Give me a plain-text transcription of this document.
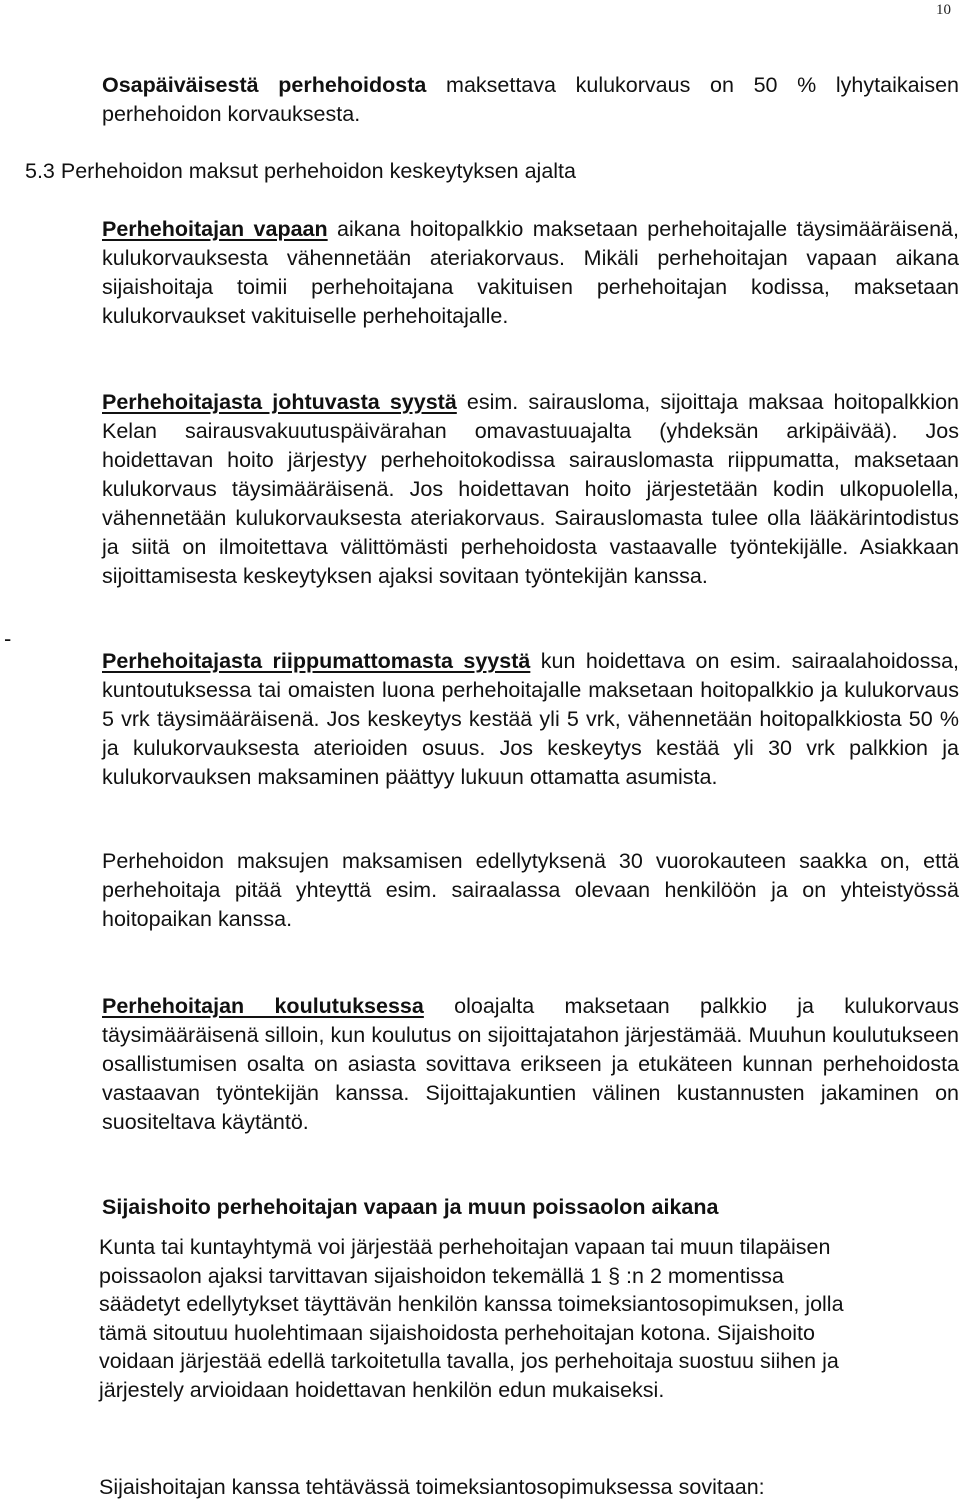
10

Osapäiväisestä perhehoidosta maksettava kulukorvaus on 50 % lyhytaikaisen perhehoidon korvauksesta.

5.3 Perhehoidon maksut perhehoidon keskeytyksen ajalta

Perhehoitajan vapaan aikana hoitopalkkio maksetaan perhehoitajalle täysimääräisenä, kulukorvauksesta vähennetään ateriakorvaus. Mikäli perhehoitajan vapaan aikana sijaishoitaja toimii perhehoitajana vakituisen perhehoitajan kodissa, maksetaan kulukorvaukset vakituiselle perhehoitajalle.

Perhehoitajasta johtuvasta syystä esim. sairausloma, sijoittaja maksaa hoitopalkkion Kelan sairausvakuutuspäivärahan omavastuuajalta (yhdeksän arkipäivää). Jos hoidettavan hoito järjestyy perhehoitokodissa sairauslomasta riippumatta, maksetaan kulukorvaus täysimääräisenä. Jos hoidettavan hoito järjestetään kodin ulkopuolella, vähennetään kulukorvauksesta ateriakorvaus. Sairauslomasta tulee olla lääkärintodistus ja siitä on ilmoitettava välittömästi perhehoidosta vastaavalle työntekijälle. Asiakkaan sijoittamisesta keskeytyksen ajaksi sovitaan työntekijän kanssa.

-

Perhehoitajasta riippumattomasta syystä kun hoidettava on esim. sairaalahoidossa, kuntoutuksessa tai omaisten luona perhehoitajalle maksetaan hoitopalkkio ja kulukorvaus 5 vrk täysimääräisenä. Jos keskeytys kestää yli 5 vrk, vähennetään hoitopalkkiosta 50 % ja kulukorvauksesta aterioiden osuus. Jos keskeytys kestää yli 30 vrk palkkion ja kulukorvauksen maksaminen päättyy lukuun ottamatta asumista.

Perhehoidon maksujen maksamisen edellytyksenä 30 vuorokauteen saakka on, että perhehoitaja pitää yhteyttä esim. sairaalassa olevaan henkilöön ja on yhteistyössä hoitopaikan kanssa.

Perhehoitajan koulutuksessa oloajalta maksetaan palkkio ja kulukorvaus täysimääräisenä silloin, kun koulutus on sijoittajatahon järjestämää. Muuhun koulutukseen osallistumisen osalta on asiasta sovittava erikseen ja etukäteen kunnan perhehoidosta vastaavan työntekijän kanssa. Sijoittajakuntien välinen kustannusten jakaminen on suositeltava käytäntö.

Sijaishoito perhehoitajan vapaan ja muun poissaolon aikana

Kunta tai kuntayhtymä voi järjestää perhehoitajan vapaan tai muun tilapäisen
poissaolon ajaksi tarvittavan sijaishoidon tekemällä 1 § :n 2 momentissa
säädetyt edellytykset täyttävän henkilön kanssa toimeksiantosopimuksen, jolla
tämä sitoutuu huolehtimaan sijaishoidosta perhehoitajan kotona. Sijaishoito
voidaan järjestää edellä tarkoitetulla tavalla, jos perhehoitaja suostuu siihen ja
järjestely arvioidaan hoidettavan henkilön edun mukaiseksi.

Sijaishoitajan kanssa tehtävässä toimeksiantosopimuksessa sovitaan:
